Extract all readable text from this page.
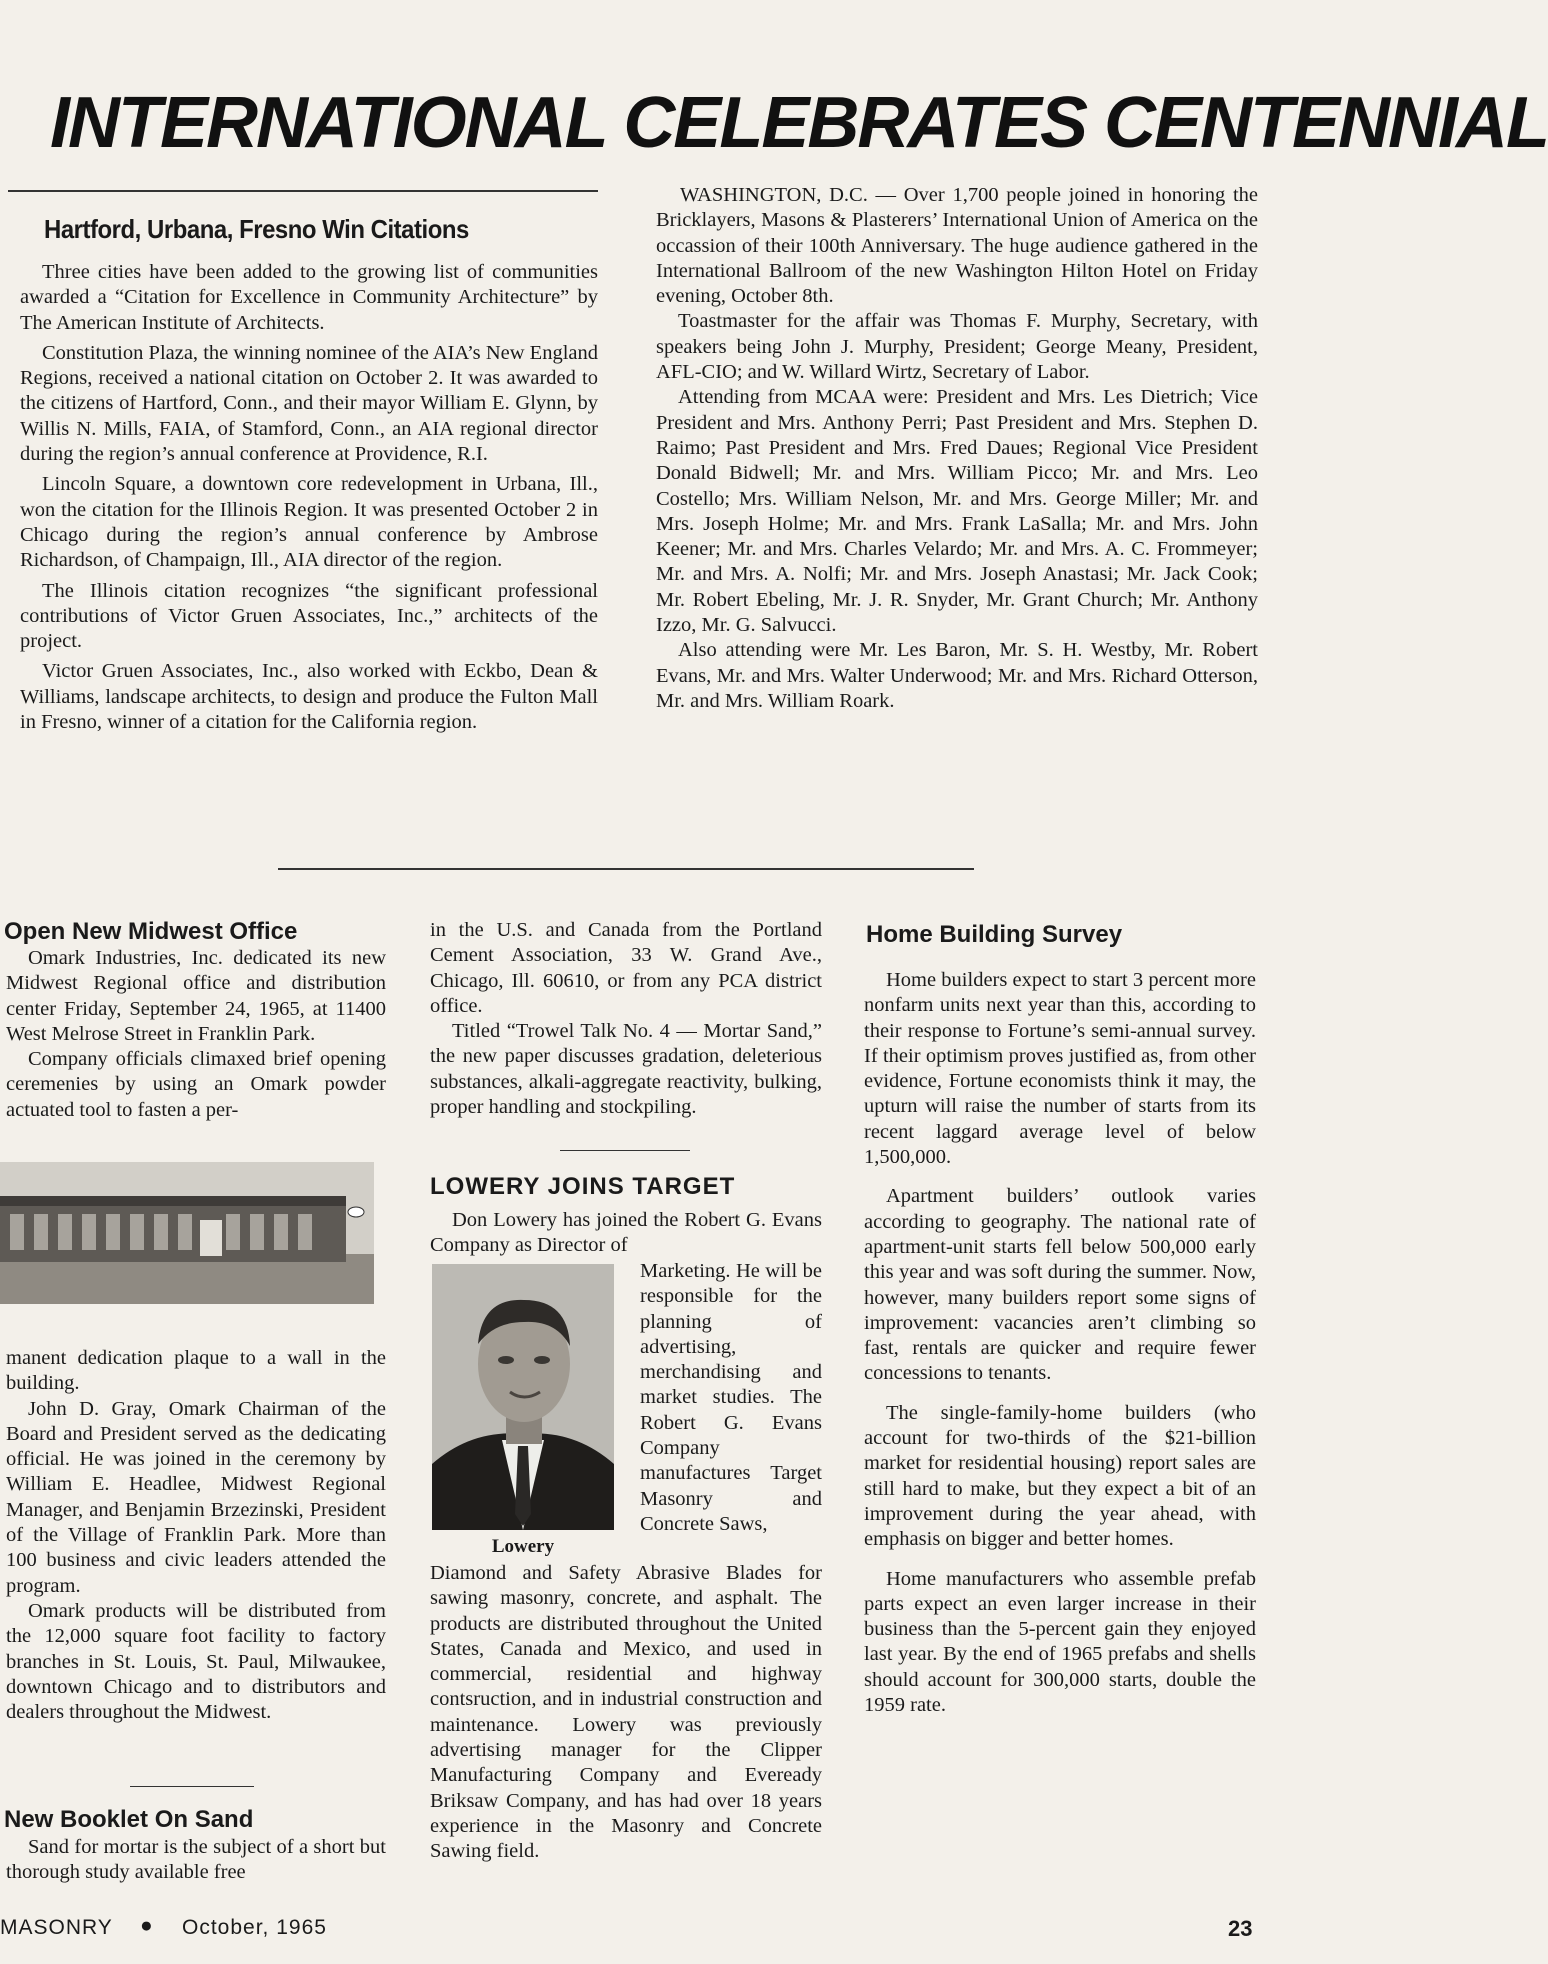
INTERNATIONAL CELEBRATES CENTENNIAL
Hartford, Urbana, Fresno Win Citations

Three cities have been added to the growing list of communities awarded a “Citation for Excellence in Community Architecture” by The American Institute of Architects.

Constitution Plaza, the winning nominee of the AIA’s New England Regions, received a national citation on October 2. It was awarded to the citizens of Hartford, Conn., and their mayor William E. Glynn, by Willis N. Mills, FAIA, of Stamford, Conn., an AIA regional director during the region’s annual conference at Providence, R.I.

Lincoln Square, a downtown core redevelopment in Urbana, Ill., won the citation for the Illinois Region. It was presented October 2 in Chicago during the region’s annual conference by Ambrose Richardson, of Champaign, Ill., AIA director of the region.

The Illinois citation recognizes “the significant professional contributions of Victor Gruen Associates, Inc.,” architects of the project.

Victor Gruen Associates, Inc., also worked with Eckbo, Dean & Williams, landscape architects, to design and produce the Fulton Mall in Fresno, winner of a citation for the California region.

WASHINGTON, D.C. — Over 1,700 people joined in honoring the Bricklayers, Masons & Plasterers’ International Union of America on the occassion of their 100th Anniversary. The huge audience gathered in the International Ballroom of the new Washington Hilton Hotel on Friday evening, October 8th.

Toastmaster for the affair was Thomas F. Murphy, Secretary, with speakers being John J. Murphy, President; George Meany, President, AFL-CIO; and W. Willard Wirtz, Secretary of Labor.

Attending from MCAA were: President and Mrs. Les Dietrich; Vice President and Mrs. Anthony Perri; Past President and Mrs. Stephen D. Raimo; Past President and Mrs. Fred Daues; Regional Vice President Donald Bidwell; Mr. and Mrs. William Picco; Mr. and Mrs. Leo Costello; Mrs. William Nelson, Mr. and Mrs. George Miller; Mr. and Mrs. Joseph Holme; Mr. and Mrs. Frank LaSalla; Mr. and Mrs. John Keener; Mr. and Mrs. Charles Velardo; Mr. and Mrs. A. C. Frommeyer; Mr. and Mrs. A. Nolfi; Mr. and Mrs. Joseph Anastasi; Mr. Jack Cook; Mr. Robert Ebeling, Mr. J. R. Snyder, Mr. Grant Church; Mr. Anthony Izzo, Mr. G. Salvucci.

Also attending were Mr. Les Baron, Mr. S. H. Westby, Mr. Robert Evans, Mr. and Mrs. Walter Underwood; Mr. and Mrs. Richard Otterson, Mr. and Mrs. William Roark.

Open New Midwest Office

Omark Industries, Inc. dedicated its new Midwest Regional office and distribution center Friday, September 24, 1965, at 11400 West Melrose Street in Franklin Park.

Company officials climaxed brief opening ceremenies by using an Omark powder actuated tool to fasten a per-

manent dedication plaque to a wall in the building.

John D. Gray, Omark Chairman of the Board and President served as the dedicating official. He was joined in the ceremony by William E. Headlee, Midwest Regional Manager, and Benjamin Brzezinski, President of the Village of Franklin Park. More than 100 business and civic leaders attended the program.

Omark products will be distributed from the 12,000 square foot facility to factory branches in St. Louis, St. Paul, Milwaukee, downtown Chicago and to distributors and dealers throughout the Midwest.

New Booklet On Sand

Sand for mortar is the subject of a short but thorough study available free

in the U.S. and Canada from the Portland Cement Association, 33 W. Grand Ave., Chicago, Ill. 60610, or from any PCA district office.

Titled “Trowel Talk No. 4 — Mortar Sand,” the new paper discusses gradation, deleterious substances, alkali-aggregate reactivity, bulking, proper handling and stockpiling.

LOWERY JOINS TARGET

Don Lowery has joined the Robert G. Evans Company as Director of

Marketing. He will be responsible for the planning of advertising, merchandising and market studies. The Robert G. Evans Company manufactures Target Masonry and Concrete Saws,

Lowery

Diamond and Safety Abrasive Blades for sawing masonry, concrete, and asphalt. The products are distributed throughout the United States, Canada and Mexico, and used in commercial, residential and highway contsruction, and in industrial construction and maintenance. Lowery was previously advertising manager for the Clipper Manufacturing Company and Eveready Briksaw Company, and has had over 18 years experience in the Masonry and Concrete Sawing field.

Home Building Survey

Home builders expect to start 3 percent more nonfarm units next year than this, according to their response to Fortune’s semi-annual survey. If their optimism proves justified as, from other evidence, Fortune economists think it may, the upturn will raise the number of starts from its recent laggard average level of below 1,500,000.

Apartment builders’ outlook varies according to geography. The national rate of apartment-unit starts fell below 500,000 early this year and was soft during the summer. Now, however, many builders report some signs of improvement: vacancies aren’t climbing so fast, rentals are quicker and require fewer concessions to tenants.

The single-family-home builders (who account for two-thirds of the $21-billion market for residential housing) report sales are still hard to make, but they expect a bit of an improvement during the year ahead, with emphasis on bigger and better homes.

Home manufacturers who assemble prefab parts expect an even larger increase in their business than the 5-percent gain they enjoyed last year. By the end of 1965 prefabs and shells should account for 300,000 starts, double the 1959 rate.

MASONRY ● October, 1965	23
